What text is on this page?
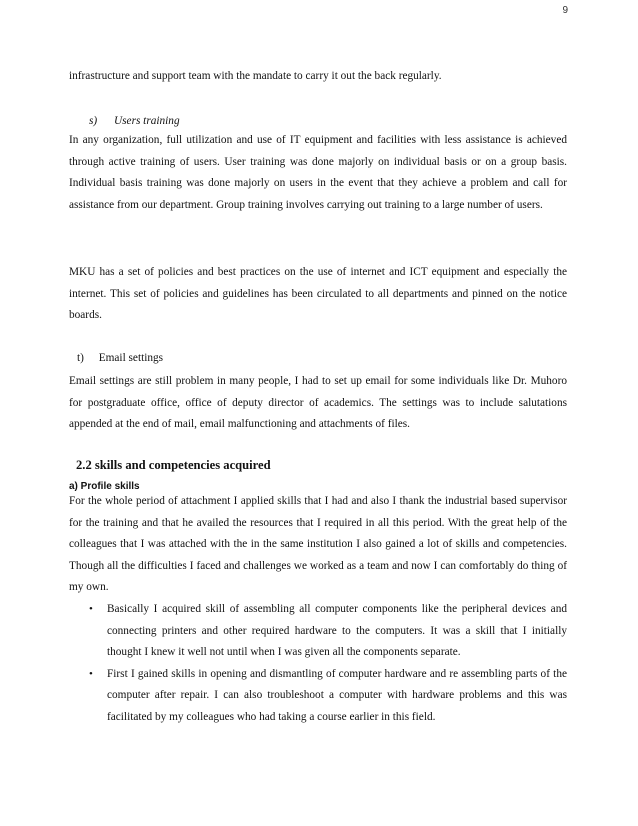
9

infrastructure and support team with the mandate to carry it out the back regularly.

s) Users training

In any organization, full utilization and use of IT equipment and facilities with less assistance is achieved through active training of users. User training was done majorly on individual basis or on a group basis. Individual basis training was done majorly on users in the event that they achieve a problem and call for assistance from our department. Group training involves carrying out training to a large number of users.

MKU has a set of policies and best practices on the use of internet and ICT equipment and especially the internet. This set of policies and guidelines has been circulated to all departments and pinned on the notice boards.

t) Email settings

Email settings are still problem in many people, I had to set up email for some individuals like Dr. Muhoro for postgraduate office, office of deputy director of academics. The settings was to include salutations appended at the end of mail, email malfunctioning and attachments of files.

2.2 skills and competencies acquired
a) Profile skills

For the whole period of attachment I applied skills that I had and also I thank the industrial based supervisor for the training and that he availed the resources that I required in all this period. With the great help of the colleagues that I was attached with the in the same institution I also gained a lot of skills and competencies. Though all the difficulties I faced and challenges we worked as a team and now I can comfortably do thing of my own.

• Basically I acquired skill of assembling all computer components like the peripheral devices and connecting printers and other required hardware to the computers. It was a skill that I initially thought I knew it well not until when I was given all the components separate.
• First I gained skills in opening and dismantling of computer hardware and re assembling parts of the computer after repair. I can also troubleshoot a computer with hardware problems and this was facilitated by my colleagues who had taking a course earlier in this field.
